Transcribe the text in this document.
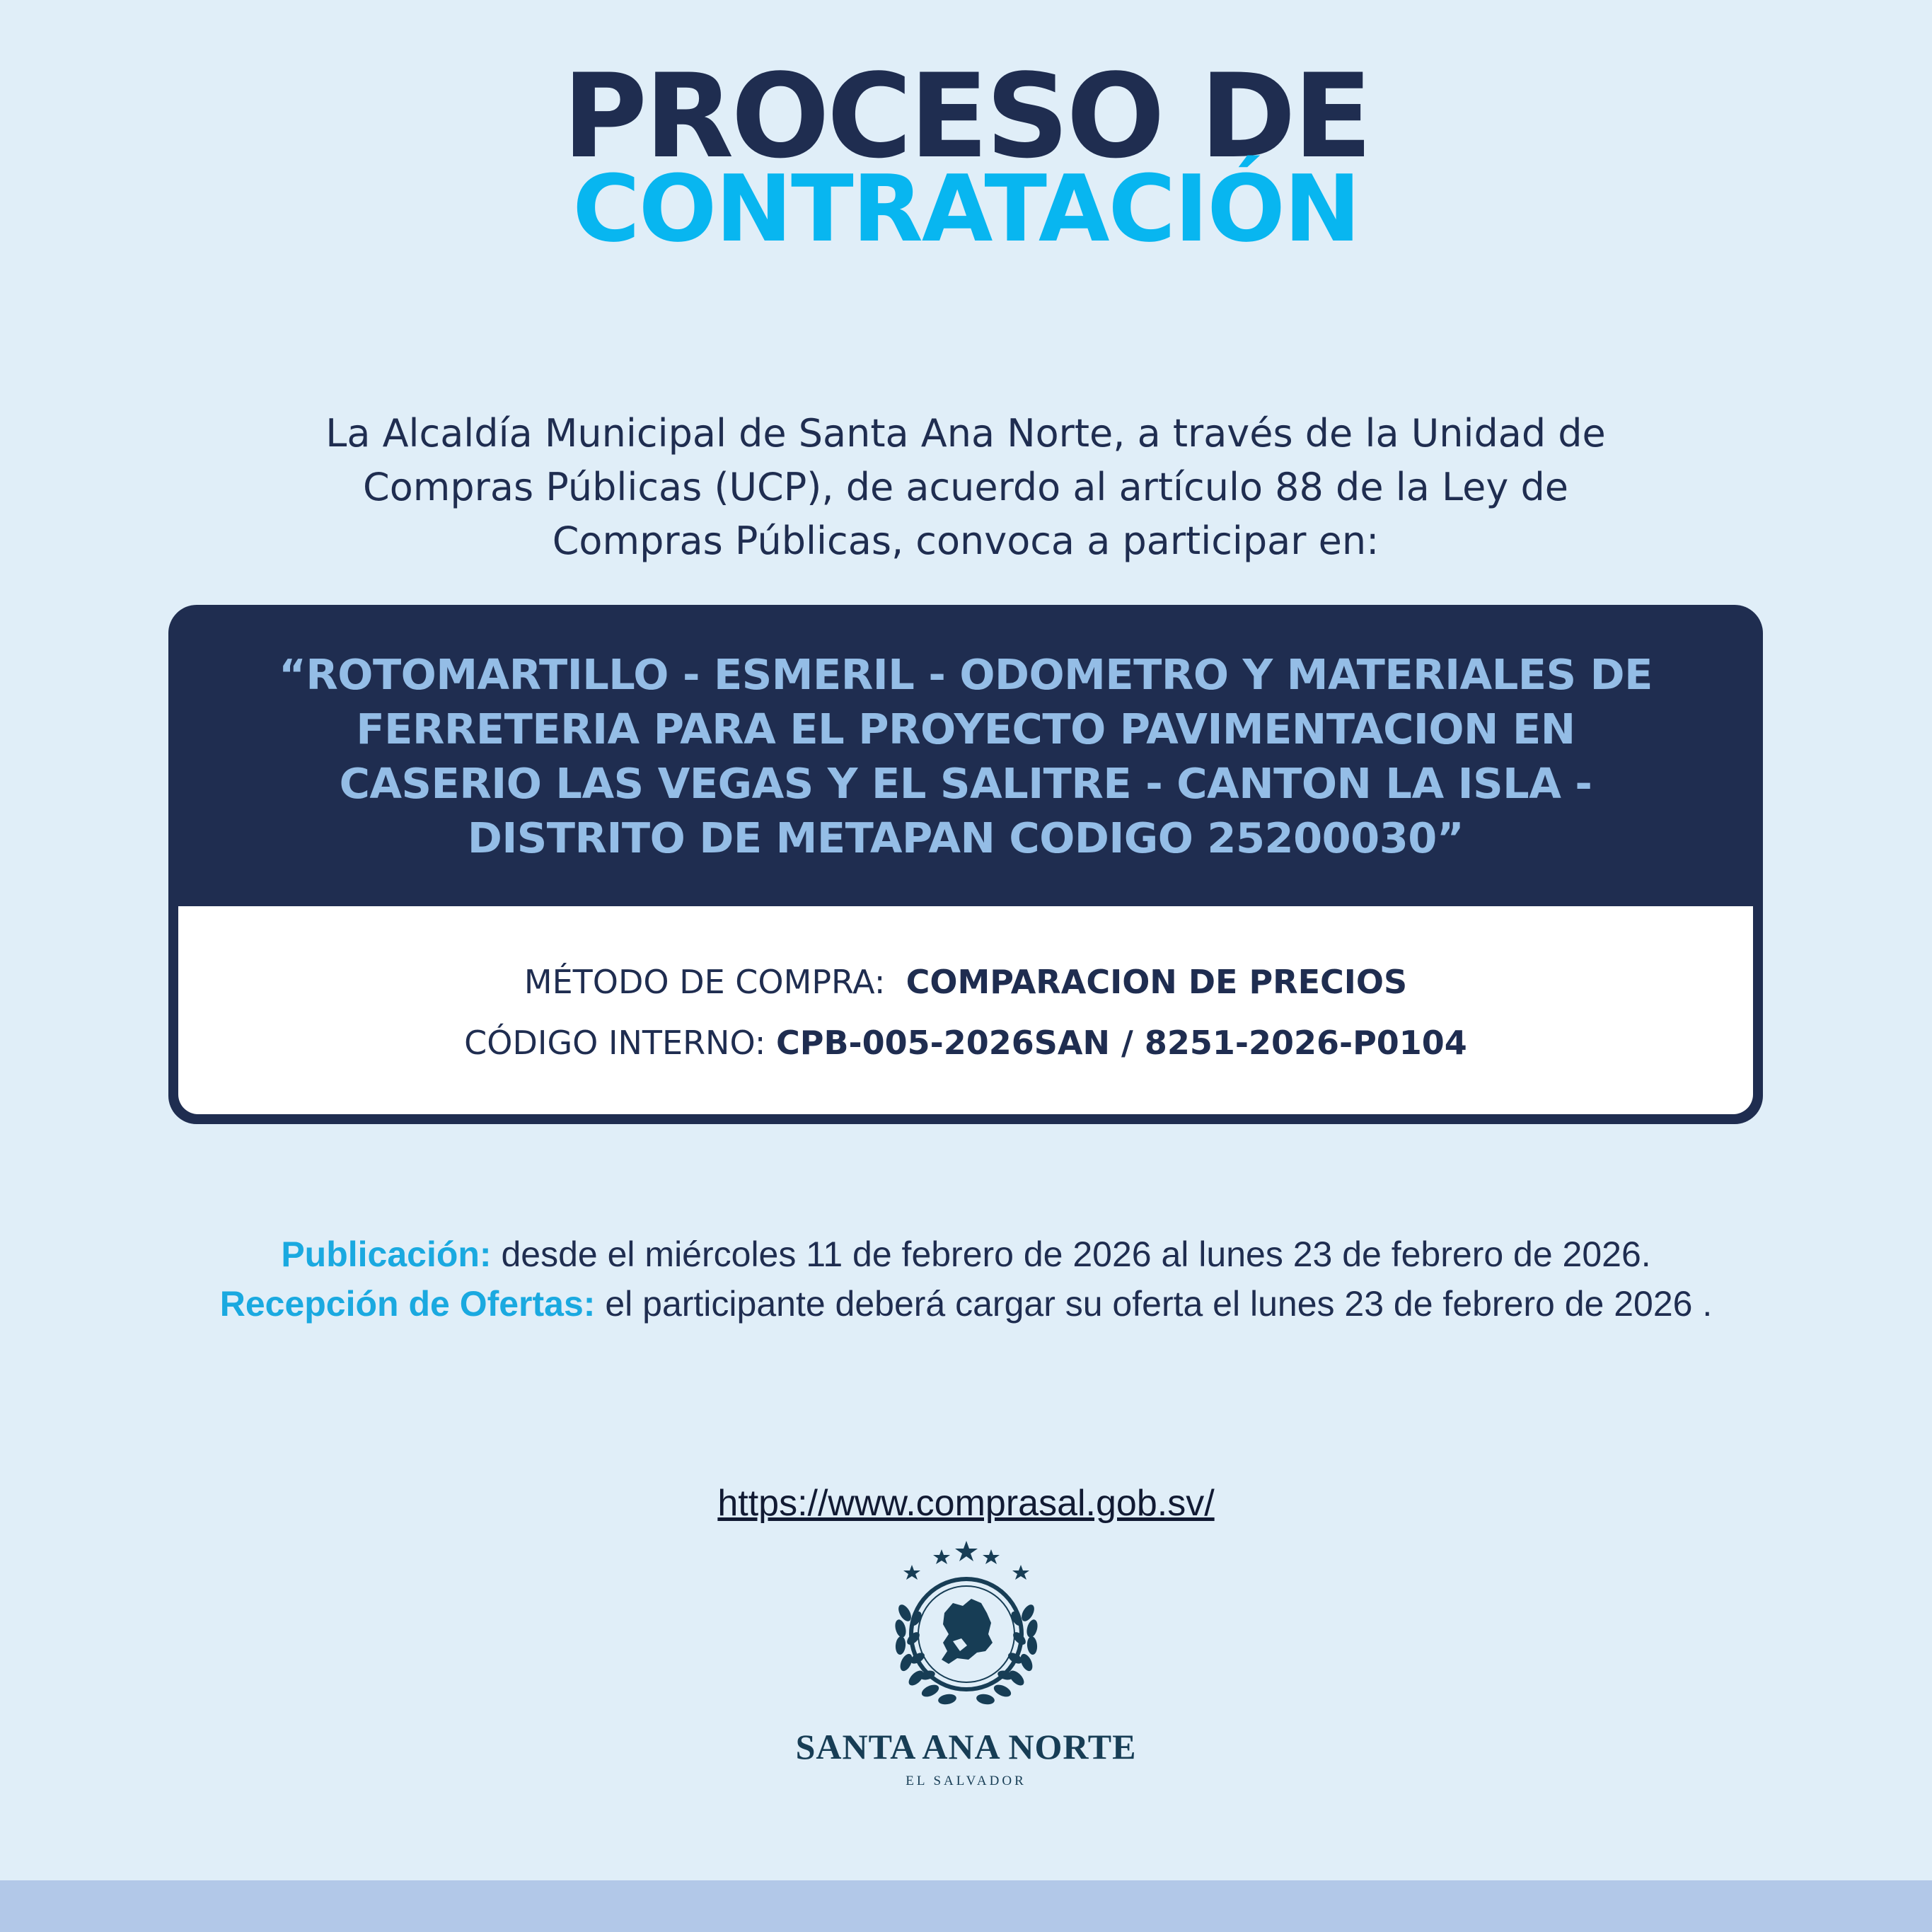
PROCESO DE
CONTRATACIÓN
La Alcaldía Municipal de Santa Ana Norte, a través de la Unidad de
Compras Públicas (UCP), de acuerdo al artículo 88 de la Ley de
Compras Públicas, convoca a participar en:
“ROTOMARTILLO - ESMERIL - ODOMETRO Y MATERIALES DE
FERRETERIA PARA EL PROYECTO PAVIMENTACION EN
CASERIO LAS VEGAS Y EL SALITRE - CANTON LA ISLA -
DISTRITO DE METAPAN CODIGO 25200030”
MÉTODO DE COMPRA: COMPARACION DE PRECIOS
CÓDIGO INTERNO: CPB-005-2026SAN / 8251-2026-P0104
Publicación: desde el miércoles 11 de febrero de 2026 al lunes 23 de febrero de 2026.
Recepción de Ofertas: el participante deberá cargar su oferta el lunes 23 de febrero de 2026 .
https://www.comprasal.gob.sv/
SANTA ANA NORTE
EL SALVADOR
